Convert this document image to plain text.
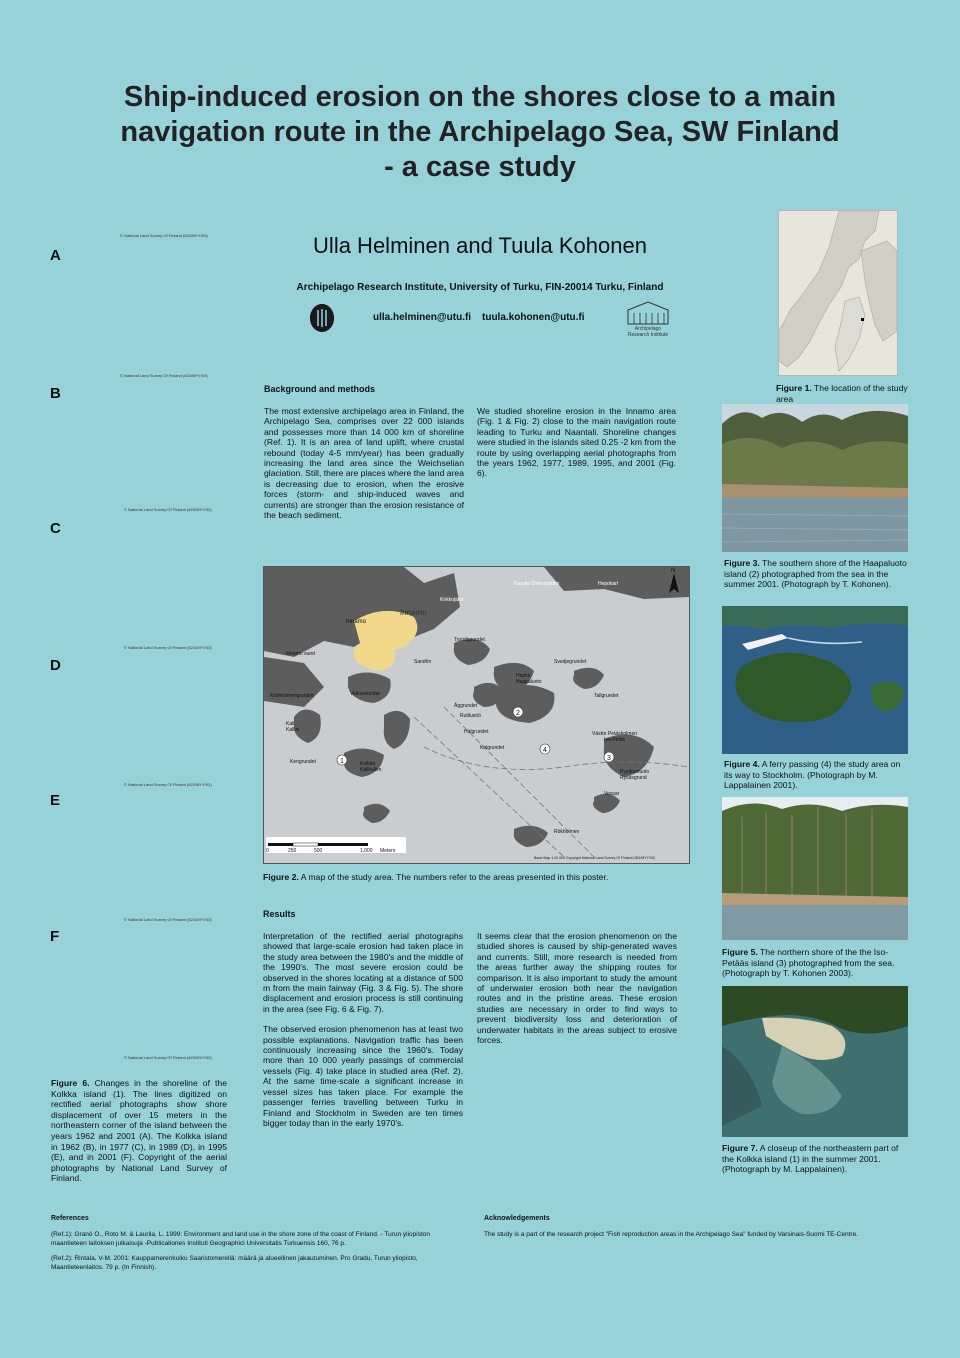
Ship-induced erosion on the shores close to a main
navigation route in the Archipelago Sea, SW Finland
- a case study
Ulla Helminen and Tuula Kohonen
Archipelago Research Institute, University of Turku, FIN-20014 Turku, Finland
ulla.helminen@utu.fi tuula.kohonen@utu.fi
Archipelago
Research Institute
A
© National Land Survey Of Finland (622/MYY/03)
B
© National Land Survey Of Finland (622/MYY/03)
C
© National Land Survey Of Finland (622/MYY/03)
D
© National Land Survey Of Finland (622/MYY/03)
E
© National Land Survey Of Finland (622/MYY/03)
F
© National Land Survey Of Finland (622/MYY/03)
© National Land Survey Of Finland (622/MYY/03)
Background and methods
The most extensive archipelago area in Finland, the Archipelago Sea, comprises over 22 000 islands and possesses more than 14 000 km of shoreline (Ref. 1). It is an area of land uplift, where crustal rebound (today 4-5 mm/year) has been gradually increasing the land area since the Weichselian glaciation. Still, there are places where the land area is decreasing due to erosion, when the erosive forces (storm- and ship-induced waves and currents) are stronger than the erosion resistance of the beach sediment.
We studied shoreline erosion in the Innamo area (Fig. 1 & Fig. 2) close to the main navigation route leading to Turku and Naantali. Shoreline changes were studied in the islands sited 0.25 -2 km from the route by using overlapping aerial photographs from the years 1962, 1977, 1989, 1995, and 2001 (Fig. 6).
Figure 1. The location of the study area
Figure 3. The southern shore of the Haapaluoto island (2) photographed from the sea in the summer 2001. (Photograph by T. Kohonen).
Innamo
Innamo
Innamo sund
Krähkolmengrundet	Velkussundet
Kali
Kallini
Kengrundet	Kolkka
Källkullen
Gaudio Österrudden	Hepokari
Trondigrundet
Svedjegrundet
Haplot
Haapaluoto
Tallgrundet
Äggrundet
Västre Petäsholmen
Iso-Petäs
Pyydoorluoto
Rysäsgrund
Vessar
Rökholmen
Hälgrundet
Rutilusöö
Sandön
Kolgrundet
Kirkkojärvi
1
2
3
4
N
0	250	500	1,000 Meters
Basic Map 1:20 000 Copyright National Land Survey Of Finland (361/MYY/02)
Figure 4. A ferry passing (4) the study area on its way to Stockholm. (Photograph by M. Lappalainen 2001).
Figure 2. A map of the study area. The numbers refer to the areas presented in this poster.
Results
Interpretation of the rectified aerial photographs showed that large-scale erosion had taken place in the study area between the 1980's and the middle of the 1990's. The most severe erosion could be observed in the shores locating at a distance of 500 m from the main fairway (Fig. 3 & Fig. 5). The shore displacement and erosion process is still continuing in the area (see Fig. 6 & Fig. 7).
The observed erosion phenomenon has at least two possible explanations. Navigation traffic has been continuously increasing since the 1960's. Today more than 10 000 yearly passings of commercial vessels (Fig. 4) take place in studied area (Ref. 2). At the same time-scale a significant increase in vessel sizes has taken place. For example the passenger ferries travelling between Turku in Finland and Stockholm in Sweden are ten times bigger today than in the early 1970's.
It seems clear that the erosion phenomenon on the studied shores is caused by ship-generated waves and currents. Still, more research is needed from the areas further away the shipping routes for comparison. It is also important to study the amount of underwater erosion both near the navigation routes and in the pristine areas. These erosion studies are necessary in order to find ways to prevent biodiversity loss and deterioration of underwater habitats in the areas subject to erosive forces.
Figure 5. The northern shore of the the Iso-Petääs island (3) photographed from the sea. (Photograph by T. Kohonen 2003).
Figure 7. A closeup of the northeastern part of the Kolkka island (1) in the summer 2001. (Photograph by M. Lappalainen).
Figure 6. Changes in the shoreline of the Kolkka island (1). The lines digitized on rectified aerial photographs show shore displacement of over 15 meters in the northeastern corner of the island between the years 1962 and 2001 (A). The Kolkka island in 1962 (B), in 1977 (C), in 1989 (D), in 1995 (E), and in 2001 (F). Copyright of the aerial photographs by National Land Survey of Finland.
References
(Ref.1): Granö O., Roto M. & Laurila, L. 1999: Environment and land use in the shore zone of the coast of Finland. - Turun yliopiston maantieteen laitoksen julkaisuja -Publicationes Instituti Geographici Universitatis Turkuensis 160, 76 p.
(Ref.2): Rintala, V-M. 2001: Kauppamerenkulku Saaristomerellä: määrä ja alueellinen jakautuminen. Pro Gradu, Turun yliopisto, Maantieteenlaitos. 79 p. (In Finnish).
Acknowledgements
The study is a part of the research project "Fish reproduction areas in the Archipelago Sea" funded by Varsinais-Suomi TE-Centre.
